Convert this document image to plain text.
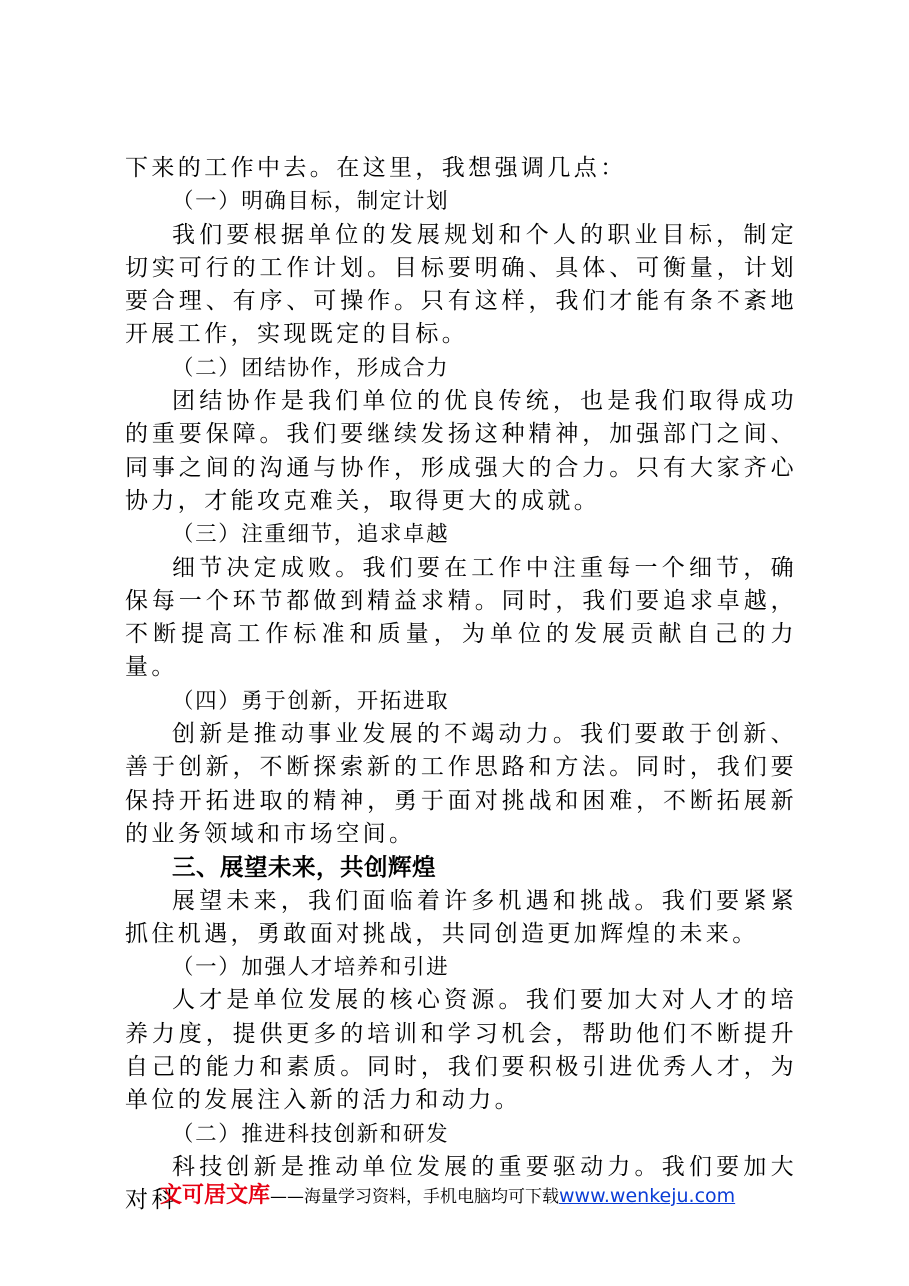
下来的工作中去。在这里，我想强调几点：

（一）明确目标，制定计划

我们要根据单位的发展规划和个人的职业目标，制定切实可行的工作计划。目标要明确、具体、可衡量，计划要合理、有序、可操作。只有这样，我们才能有条不紊地开展工作，实现既定的目标。

（二）团结协作，形成合力

团结协作是我们单位的优良传统，也是我们取得成功的重要保障。我们要继续发扬这种精神，加强部门之间、同事之间的沟通与协作，形成强大的合力。只有大家齐心协力，才能攻克难关，取得更大的成就。

（三）注重细节，追求卓越

细节决定成败。我们要在工作中注重每一个细节，确保每一个环节都做到精益求精。同时，我们要追求卓越，不断提高工作标准和质量，为单位的发展贡献自己的力量。

（四）勇于创新，开拓进取

创新是推动事业发展的不竭动力。我们要敢于创新、善于创新，不断探索新的工作思路和方法。同时，我们要保持开拓进取的精神，勇于面对挑战和困难，不断拓展新的业务领域和市场空间。

三、展望未来，共创辉煌

展望未来，我们面临着许多机遇和挑战。我们要紧紧抓住机遇，勇敢面对挑战，共同创造更加辉煌的未来。

（一）加强人才培养和引进

人才是单位发展的核心资源。我们要加大对人才的培养力度，提供更多的培训和学习机会，帮助他们不断提升自己的能力和素质。同时，我们要积极引进优秀人才，为单位的发展注入新的活力和动力。

（二）推进科技创新和研发

科技创新是推动单位发展的重要驱动力。我们要加大对科

文可居文库——海量学习资料，手机电脑均可下载www.wenkeju.com
